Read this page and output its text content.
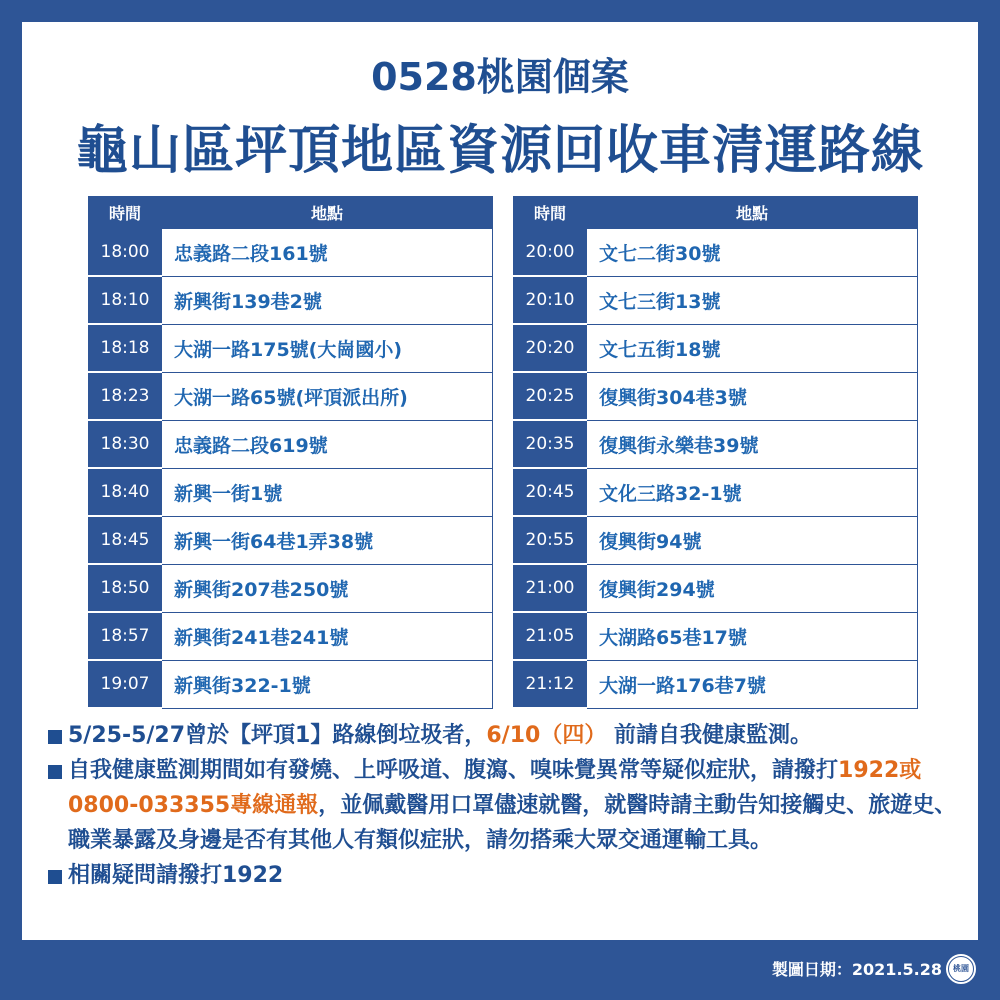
0528桃園個案
龜山區坪頂地區資源回收車清運路線
時間	地點
18:00	忠義路二段161號
18:10	新興街139巷2號
18:18	大湖一路175號(大崗國小)
18:23	大湖一路65號(坪頂派出所)
18:30	忠義路二段619號
18:40	新興一街1號
18:45	新興一街64巷1弄38號
18:50	新興街207巷250號
18:57	新興街241巷241號
19:07	新興街322-1號
時間	地點
20:00	文七二街30號
20:10	文七三街13號
20:20	文七五街18號
20:25	復興街304巷3號
20:35	復興街永樂巷39號
20:45	文化三路32-1號
20:55	復興街94號
21:00	復興街294號
21:05	大湖路65巷17號
21:12	大湖一路176巷7號
5/25-5/27曾於【坪頂1】路線倒垃圾者，6/10（四） 前請自我健康監測。
自我健康監測期間如有發燒、上呼吸道、腹瀉、嗅味覺異常等疑似症狀，請撥打1922或0800-033355專線通報，並佩戴醫用口罩儘速就醫，就醫時請主動告知接觸史、旅遊史、職業暴露及身邊是否有其他人有類似症狀，請勿搭乘大眾交通運輸工具。
相關疑問請撥打1922
製圖日期：2021.5.28	桃園
